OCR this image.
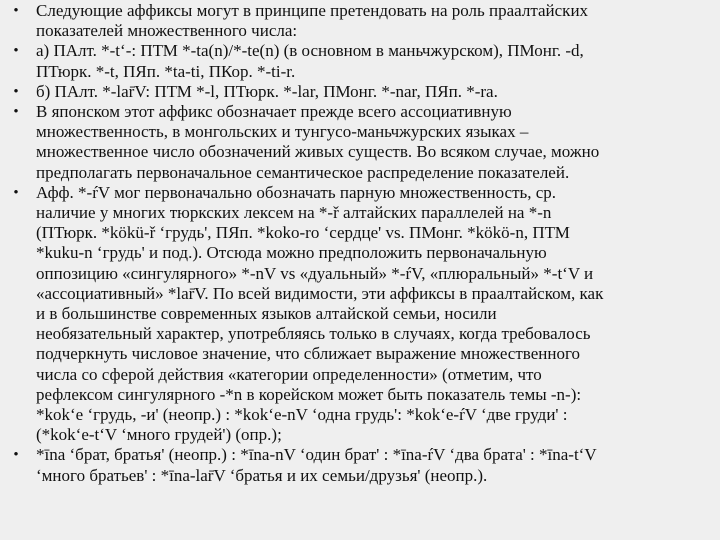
•	Следующие аффиксы могут в принципе претендовать на роль праалтайских
показателей множественного числа:
•	а) ПАлт. *-t‘-: ПТМ *-ta(n)/*-te(n) (в основном в маньчжурском), ПМонг. -d,
ПТюрк. *-t, ПЯп. *ta-ti, ПКор. *-ti-r.
•	б) ПАлт. *-lar̄V: ПТМ *-l, ПТюрк. *-lar, ПМонг. *-nar, ПЯп. *-ra.
•	В японском этот аффикс обозначает прежде всего ассоциативную
множественность, в монгольских и тунгусо-маньчжурских языках –
множественное число обозначений живых существ. Во всяком случае, можно
предполагать первоначальное семантическое распределение показателей.
•	Афф. *-ŕV мог первоначально обозначать парную множественность, ср.
наличие у многих тюркских лексем на *-ř алтайских параллелей на *-n
(ПТюрк. *kökü-ř ‘грудь', ПЯп. *koko-ro ‘сердце' vs. ПМонг. *kökö-n, ПТМ
*kuku-n ‘грудь' и под.). Отсюда можно предположить первоначальную
оппозицию «сингулярного» *-nV vs «дуальный» *-ŕV, «плюральный» *-t‘V и
«ассоциативный» *lar̄V. По всей видимости, эти аффиксы в праалтайском, как
и в большинстве современных языков алтайской семьи, носили
необязательный характер, употребляясь только в случаях, когда требовалось
подчеркнуть числовое значение, что сближает выражение множественного
числа со сферой действия «категории определенности» (отметим, что
рефлексом сингулярного -*n в корейском может быть показатель темы -n-):
*kok‘e ‘грудь, -и' (неопр.) : *kok‘e-nV ‘одна грудь': *kok‘e-ŕV ‘две груди' :
(*kok‘e-t‘V ‘много грудей') (опр.);
•	*īna ‘брат, братья' (неопр.) : *īna-nV ‘один брат' : *īna-ŕV ‘два брата' : *īna-t‘V
‘много братьев' : *īna-lar̄V ‘братья и их семьи/друзья' (неопр.).
